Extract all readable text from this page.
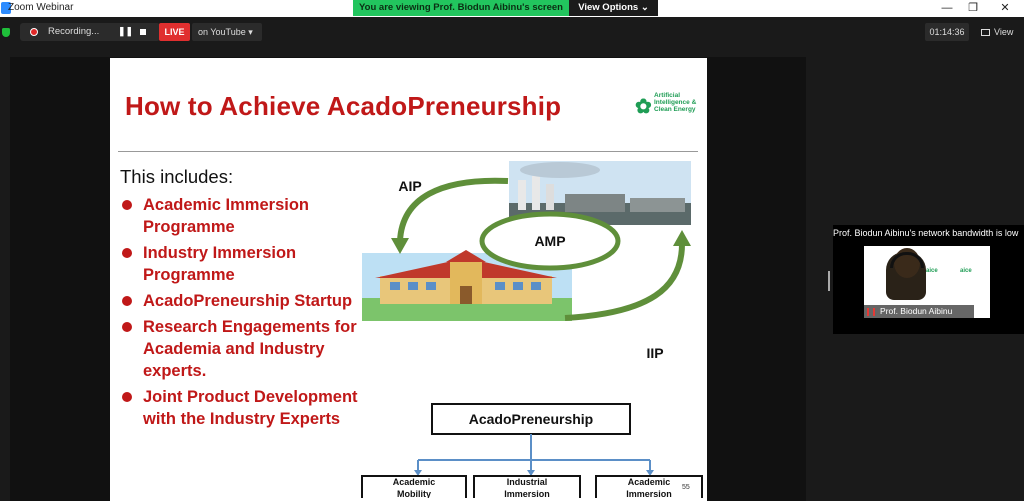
Zoom Webinar	—	❐	✕
You are viewing Prof. Biodun Aibinu's screen	View Options ⌄
Recording... ❚❚	LIVE	on YouTube ▾	01:14:36	View
How to Achieve AcadoPreneurship	✿
Artificial Intelligence & Clean Energy
This includes:
Academic Immersion Programme
Industry Immersion Programme
AcadoPreneurship Startup
Research Engagements for Academia and Industry experts.
Joint Product Development with the Industry Experts
AMP
AIP
IIP
AcadoPreneurship
Academic
Mobility
Industrial
Immersion
Academic
Immersion
55
Prof. Biodun Aibinu's network bandwidth is low
aice	aice
Prof. Biodun Aibinu
